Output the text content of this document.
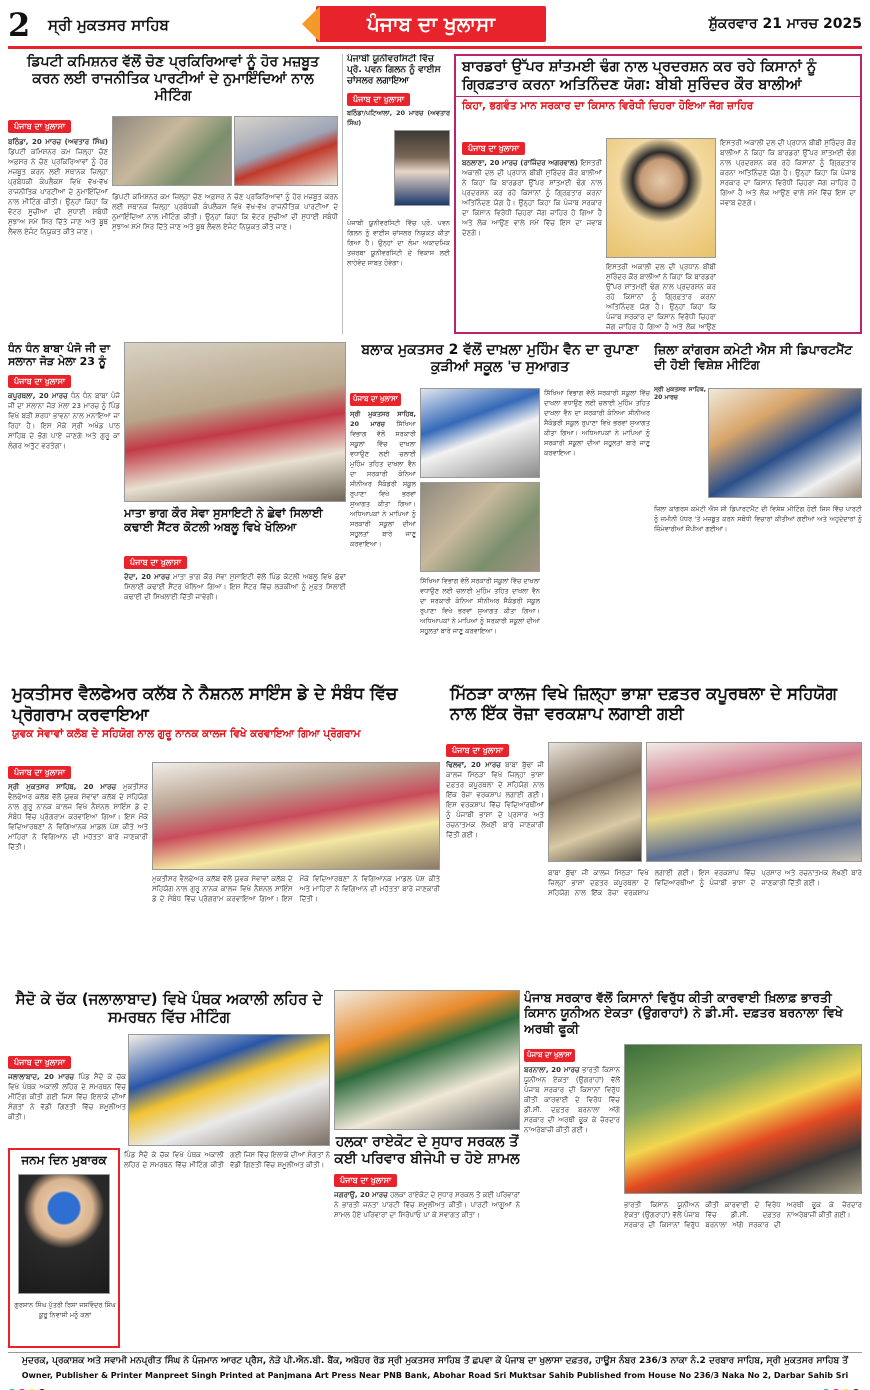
2 ਸ੍ਰੀ ਮੁਕਤਸਰ ਸਾਹਿਬ	ਪੰਜਾਬ ਦਾ ਖੁਲਾਸਾ	ਸ਼ੁੱਕਰਵਾਰ 21 ਮਾਰਚ 2025
ਡਿਪਟੀ ਕਮਿਸ਼ਨਰ ਵੱਲੋਂ ਚੋਣ ਪ੍ਰਕਿਰਿਆਵਾਂ ਨੂੰ ਹੋਰ ਮਜ਼ਬੂਤ ਕਰਨ ਲਈ ਰਾਜਨੀਤਿਕ ਪਾਰਟੀਆਂ ਦੇ ਨੁਮਾਇੰਦਿਆਂ ਨਾਲ ਮੀਟਿੰਗ
ਪੰਜਾਬ ਦਾ ਖੁਲਾਸਾ

ਬਠਿੰਡਾ, 20 ਮਾਰਚ (ਅਵਤਾਰ ਸਿੰਘ) ਡਿਪਟੀ ਕਮਿਸ਼ਨਰ ਕਮ ਜ਼ਿਲ੍ਹਾ ਚੋਣ ਅਫ਼ਸਰ ਨੇ ਚੋਣ ਪ੍ਰਕਿਰਿਆਵਾਂ ਨੂੰ ਹੋਰ ਮਜ਼ਬੂਤ ਕਰਨ ਲਈ ਸਥਾਨਕ ਜ਼ਿਲ੍ਹਾ ਪ੍ਰਬੰਧਕੀ ਕੰਪਲੈਕਸ ਵਿਖੇ ਵੱਖ-ਵੱਖ ਰਾਜਨੀਤਿਕ ਪਾਰਟੀਆਂ ਦੇ ਨੁਮਾਇੰਦਿਆਂ ਨਾਲ ਮੀਟਿੰਗ ਕੀਤੀ। ਉਨ੍ਹਾਂ ਕਿਹਾ ਕਿ ਵੋਟਰ ਸੂਚੀਆਂ ਦੀ ਸੁਧਾਈ ਸਬੰਧੀ ਸੁਝਾਅ ਸਮੇਂ ਸਿਰ ਦਿੱਤੇ ਜਾਣ ਅਤੇ ਬੂਥ ਲੈਵਲ ਏਜੰਟ ਨਿਯੁਕਤ ਕੀਤੇ ਜਾਣ।

ਡਿਪਟੀ ਕਮਿਸ਼ਨਰ ਕਮ ਜ਼ਿਲ੍ਹਾ ਚੋਣ ਅਫ਼ਸਰ ਨੇ ਚੋਣ ਪ੍ਰਕਿਰਿਆਵਾਂ ਨੂੰ ਹੋਰ ਮਜ਼ਬੂਤ ਕਰਨ ਲਈ ਸਥਾਨਕ ਜ਼ਿਲ੍ਹਾ ਪ੍ਰਬੰਧਕੀ ਕੰਪਲੈਕਸ ਵਿਖੇ ਵੱਖ-ਵੱਖ ਰਾਜਨੀਤਿਕ ਪਾਰਟੀਆਂ ਦੇ ਨੁਮਾਇੰਦਿਆਂ ਨਾਲ ਮੀਟਿੰਗ ਕੀਤੀ। ਉਨ੍ਹਾਂ ਕਿਹਾ ਕਿ ਵੋਟਰ ਸੂਚੀਆਂ ਦੀ ਸੁਧਾਈ ਸਬੰਧੀ ਸੁਝਾਅ ਸਮੇਂ ਸਿਰ ਦਿੱਤੇ ਜਾਣ ਅਤੇ ਬੂਥ ਲੈਵਲ ਏਜੰਟ ਨਿਯੁਕਤ ਕੀਤੇ ਜਾਣ।

ਪੰਜਾਬੀ ਯੂਨੀਵਰਸਿਟੀ ਵਿੱਚ ਪ੍ਰੋ. ਪਵਨ ਗਿਲਨ ਨੂੰ ਵਾਈਸ ਚਾਂਸਲਰ ਲਗਾਇਆ
ਪੰਜਾਬ ਦਾ ਖੁਲਾਸਾ

ਬਠਿੰਡਾ/ਪਟਿਆਲਾ, 20 ਮਾਰਚ (ਅਵਤਾਰ ਸਿੰਘ)

ਪੰਜਾਬੀ ਯੂਨੀਵਰਸਿਟੀ ਵਿੱਚ ਪ੍ਰੋ. ਪਵਨ ਗਿਲਨ ਨੂੰ ਵਾਈਸ ਚਾਂਸਲਰ ਨਿਯੁਕਤ ਕੀਤਾ ਗਿਆ ਹੈ। ਉਨ੍ਹਾਂ ਦਾ ਲੰਮਾ ਅਕਾਦਮਿਕ ਤਜ਼ਰਬਾ ਯੂਨੀਵਰਸਿਟੀ ਦੇ ਵਿਕਾਸ ਲਈ ਲਾਹੇਵੰਦ ਸਾਬਤ ਹੋਵੇਗਾ।

ਬਾਰਡਰਾਂ ਉੱਪਰ ਸ਼ਾਂਤਮਈ ਢੰਗ ਨਾਲ ਪ੍ਰਦਰਸ਼ਨ ਕਰ ਰਹੇ ਕਿਸਾਨਾਂ ਨੂੰ ਗ੍ਰਿਫ਼ਤਾਰ ਕਰਨਾ ਅਤਿਨਿੰਦਣ ਯੋਗ: ਬੀਬੀ ਸੁਰਿੰਦਰ ਕੌਰ ਬਾਲੀਆਂ
ਕਿਹਾ, ਭਗਵੰਤ ਮਾਨ ਸਰਕਾਰ ਦਾ ਕਿਸਾਨ ਵਿਰੋਧੀ ਚਿਹਰਾ ਹੋਇਆ ਜੱਗ ਜ਼ਾਹਿਰ
ਪੰਜਾਬ ਦਾ ਖੁਲਾਸਾ

ਬਠਲਾਣਾ, 20 ਮਾਰਚ (ਰਾਜਿੰਦਰ ਅਗਰਵਾਲ) ਇਸਤਰੀ ਅਕਾਲੀ ਦਲ ਦੀ ਪ੍ਰਧਾਨ ਬੀਬੀ ਸੁਰਿੰਦਰ ਕੌਰ ਬਾਲੀਆਂ ਨੇ ਕਿਹਾ ਕਿ ਬਾਰਡਰਾਂ ਉੱਪਰ ਸ਼ਾਂਤਮਈ ਢੰਗ ਨਾਲ ਪ੍ਰਦਰਸ਼ਨ ਕਰ ਰਹੇ ਕਿਸਾਨਾਂ ਨੂੰ ਗ੍ਰਿਫ਼ਤਾਰ ਕਰਨਾ ਅਤਿਨਿੰਦਣ ਯੋਗ ਹੈ। ਉਨ੍ਹਾਂ ਕਿਹਾ ਕਿ ਪੰਜਾਬ ਸਰਕਾਰ ਦਾ ਕਿਸਾਨ ਵਿਰੋਧੀ ਚਿਹਰਾ ਜੱਗ ਜ਼ਾਹਿਰ ਹੋ ਗਿਆ ਹੈ ਅਤੇ ਲੋਕ ਆਉਣ ਵਾਲੇ ਸਮੇਂ ਵਿੱਚ ਇਸ ਦਾ ਜਵਾਬ ਦੇਣਗੇ।

ਇਸਤਰੀ ਅਕਾਲੀ ਦਲ ਦੀ ਪ੍ਰਧਾਨ ਬੀਬੀ ਸੁਰਿੰਦਰ ਕੌਰ ਬਾਲੀਆਂ ਨੇ ਕਿਹਾ ਕਿ ਬਾਰਡਰਾਂ ਉੱਪਰ ਸ਼ਾਂਤਮਈ ਢੰਗ ਨਾਲ ਪ੍ਰਦਰਸ਼ਨ ਕਰ ਰਹੇ ਕਿਸਾਨਾਂ ਨੂੰ ਗ੍ਰਿਫ਼ਤਾਰ ਕਰਨਾ ਅਤਿਨਿੰਦਣ ਯੋਗ ਹੈ। ਉਨ੍ਹਾਂ ਕਿਹਾ ਕਿ ਪੰਜਾਬ ਸਰਕਾਰ ਦਾ ਕਿਸਾਨ ਵਿਰੋਧੀ ਚਿਹਰਾ ਜੱਗ ਜ਼ਾਹਿਰ ਹੋ ਗਿਆ ਹੈ ਅਤੇ ਲੋਕ ਆਉਣ

ਇਸਤਰੀ ਅਕਾਲੀ ਦਲ ਦੀ ਪ੍ਰਧਾਨ ਬੀਬੀ ਸੁਰਿੰਦਰ ਕੌਰ ਬਾਲੀਆਂ ਨੇ ਕਿਹਾ ਕਿ ਬਾਰਡਰਾਂ ਉੱਪਰ ਸ਼ਾਂਤਮਈ ਢੰਗ ਨਾਲ ਪ੍ਰਦਰਸ਼ਨ ਕਰ ਰਹੇ ਕਿਸਾਨਾਂ ਨੂੰ ਗ੍ਰਿਫ਼ਤਾਰ ਕਰਨਾ ਅਤਿਨਿੰਦਣ ਯੋਗ ਹੈ। ਉਨ੍ਹਾਂ ਕਿਹਾ ਕਿ ਪੰਜਾਬ ਸਰਕਾਰ ਦਾ ਕਿਸਾਨ ਵਿਰੋਧੀ ਚਿਹਰਾ ਜੱਗ ਜ਼ਾਹਿਰ ਹੋ ਗਿਆ ਹੈ ਅਤੇ ਲੋਕ ਆਉਣ ਵਾਲੇ ਸਮੇਂ ਵਿੱਚ ਇਸ ਦਾ ਜਵਾਬ ਦੇਣਗੇ।

ਧੰਨ ਧੰਨ ਬਾਬਾ ਪੰਜੋ ਜੀ ਦਾ ਸਲਾਨਾ ਜੋੜ ਮੇਲਾ 23 ਨੂੰ
ਪੰਜਾਬ ਦਾ ਖੁਲਾਸਾ

ਕਪੂਰਥਲਾ, 20 ਮਾਰਚ ਧੰਨ ਧੰਨ ਬਾਬਾ ਪੰਜੋ ਜੀ ਦਾ ਸਲਾਨਾ ਜੋੜ ਮੇਲਾ 23 ਮਾਰਚ ਨੂੰ ਪਿੰਡ ਵਿਖੇ ਬੜੀ ਸ਼ਰਧਾ ਭਾਵਨਾ ਨਾਲ ਮਨਾਇਆ ਜਾ ਰਿਹਾ ਹੈ। ਇਸ ਮੌਕੇ ਸ੍ਰੀ ਅਖੰਡ ਪਾਠ ਸਾਹਿਬ ਦੇ ਭੋਗ ਪਾਏ ਜਾਣਗੇ ਅਤੇ ਗੁਰੂ ਕਾ ਲੰਗਰ ਅਤੁੱਟ ਵਰਤੇਗਾ।

ਮਾਤਾ ਭਾਗ ਕੌਰ ਸੇਵਾ ਸੁਸਾਇਟੀ ਨੇ ਛੇਵਾਂ ਸਿਲਾਈ ਕਢਾਈ ਸੈਂਟਰ ਕੋਟਲੀ ਅਬਲੂ ਵਿਖੇ ਖੋਲਿਆ
ਪੰਜਾਬ ਦਾ ਖੁਲਾਸਾ

ਦੋਦਾ, 20 ਮਾਰਚ ਮਾਤਾ ਭਾਗ ਕੌਰ ਸੇਵਾ ਸੁਸਾਇਟੀ ਵੱਲੋਂ ਪਿੰਡ ਕੋਟਲੀ ਅਬਲੂ ਵਿਖੇ ਛੇਵਾਂ ਸਿਲਾਈ ਕਢਾਈ ਸੈਂਟਰ ਖੋਲਿਆ ਗਿਆ। ਇਸ ਸੈਂਟਰ ਵਿੱਚ ਲੜਕੀਆਂ ਨੂੰ ਮੁਫ਼ਤ ਸਿਲਾਈ ਕਢਾਈ ਦੀ ਸਿਖਲਾਈ ਦਿੱਤੀ ਜਾਵੇਗੀ।

ਬਲਾਕ ਮੁਕਤਸਰ 2 ਵੱਲੋਂ ਦਾਖ਼ਲਾ ਮੁਹਿੰਮ ਵੈਨ ਦਾ ਰੁਪਾਣਾ ਕੁੜੀਆਂ ਸਕੂਲ 'ਚ ਸੁਆਗਤ
ਪੰਜਾਬ ਦਾ ਖੁਲਾਸਾ

ਸ੍ਰੀ ਮੁਕਤਸਰ ਸਾਹਿਬ, 20 ਮਾਰਚ ਸਿੱਖਿਆ ਵਿਭਾਗ ਵੱਲੋਂ ਸਰਕਾਰੀ ਸਕੂਲਾਂ ਵਿੱਚ ਦਾਖ਼ਲਾ ਵਧਾਉਣ ਲਈ ਚਲਾਈ ਮੁਹਿੰਮ ਤਹਿਤ ਦਾਖ਼ਲਾ ਵੈਨ ਦਾ ਸਰਕਾਰੀ ਕੰਨਿਆ ਸੀਨੀਅਰ ਸੈਕੰਡਰੀ ਸਕੂਲ ਰੁਪਾਣਾ ਵਿਖੇ ਭਰਵਾਂ ਸੁਆਗਤ ਕੀਤਾ ਗਿਆ। ਅਧਿਆਪਕਾਂ ਨੇ ਮਾਪਿਆਂ ਨੂੰ ਸਰਕਾਰੀ ਸਕੂਲਾਂ ਦੀਆਂ ਸਹੂਲਤਾਂ ਬਾਰੇ ਜਾਣੂ ਕਰਵਾਇਆ।

ਸਿੱਖਿਆ ਵਿਭਾਗ ਵੱਲੋਂ ਸਰਕਾਰੀ ਸਕੂਲਾਂ ਵਿੱਚ ਦਾਖ਼ਲਾ ਵਧਾਉਣ ਲਈ ਚਲਾਈ ਮੁਹਿੰਮ ਤਹਿਤ ਦਾਖ਼ਲਾ ਵੈਨ ਦਾ ਸਰਕਾਰੀ ਕੰਨਿਆ ਸੀਨੀਅਰ ਸੈਕੰਡਰੀ ਸਕੂਲ ਰੁਪਾਣਾ ਵਿਖੇ ਭਰਵਾਂ ਸੁਆਗਤ ਕੀਤਾ ਗਿਆ। ਅਧਿਆਪਕਾਂ ਨੇ ਮਾਪਿਆਂ ਨੂੰ ਸਰਕਾਰੀ ਸਕੂਲਾਂ ਦੀਆਂ ਸਹੂਲਤਾਂ ਬਾਰੇ ਜਾਣੂ ਕਰਵਾਇਆ।

ਸਿੱਖਿਆ ਵਿਭਾਗ ਵੱਲੋਂ ਸਰਕਾਰੀ ਸਕੂਲਾਂ ਵਿੱਚ ਦਾਖ਼ਲਾ ਵਧਾਉਣ ਲਈ ਚਲਾਈ ਮੁਹਿੰਮ ਤਹਿਤ ਦਾਖ਼ਲਾ ਵੈਨ ਦਾ ਸਰਕਾਰੀ ਕੰਨਿਆ ਸੀਨੀਅਰ ਸੈਕੰਡਰੀ ਸਕੂਲ ਰੁਪਾਣਾ ਵਿਖੇ ਭਰਵਾਂ ਸੁਆਗਤ ਕੀਤਾ ਗਿਆ। ਅਧਿਆਪਕਾਂ ਨੇ ਮਾਪਿਆਂ ਨੂੰ ਸਰਕਾਰੀ ਸਕੂਲਾਂ ਦੀਆਂ ਸਹੂਲਤਾਂ ਬਾਰੇ ਜਾਣੂ ਕਰਵਾਇਆ।

ਜ਼ਿਲਾ ਕਾਂਗਰਸ ਕਮੇਟੀ ਐਸ ਸੀ ਡਿਪਾਰਟਮੈਂਟ ਦੀ ਹੋਈ ਵਿਸ਼ੇਸ਼ ਮੀਟਿੰਗ

ਸ੍ਰੀ ਮੁਕਤਸਰ ਸਾਹਿਬ, 20 ਮਾਰਚ

ਜ਼ਿਲਾ ਕਾਂਗਰਸ ਕਮੇਟੀ ਐਸ ਸੀ ਡਿਪਾਰਟਮੈਂਟ ਦੀ ਵਿਸ਼ੇਸ਼ ਮੀਟਿੰਗ ਹੋਈ ਜਿਸ ਵਿੱਚ ਪਾਰਟੀ ਨੂੰ ਜ਼ਮੀਨੀ ਪੱਧਰ 'ਤੇ ਮਜ਼ਬੂਤ ਕਰਨ ਸਬੰਧੀ ਵਿਚਾਰਾਂ ਕੀਤੀਆਂ ਗਈਆਂ ਅਤੇ ਅਹੁਦੇਦਾਰਾਂ ਨੂੰ ਜ਼ਿੰਮੇਵਾਰੀਆਂ ਸੌਂਪੀਆਂ ਗਈਆਂ।

ਮੁਕਤੀਸਰ ਵੈਲਫੇਅਰ ਕਲੱਬ ਨੇ ਨੈਸ਼ਨਲ ਸਾਇੰਸ ਡੇ ਦੇ ਸੰਬੰਧ ਵਿੱਚ ਪ੍ਰੋਗਰਾਮ ਕਰਵਾਇਆ
ਯੁਵਕ ਸੇਵਾਵਾਂ ਕਲੱਬ ਦੇ ਸਹਿਯੋਗ ਨਾਲ ਗੁਰੂ ਨਾਨਕ ਕਾਲਜ ਵਿਖੇ ਕਰਵਾਇਆ ਗਿਆ ਪ੍ਰੋਗਰਾਮ
ਪੰਜਾਬ ਦਾ ਖੁਲਾਸਾ

ਸ੍ਰੀ ਮੁਕਤਸਰ ਸਾਹਿਬ, 20 ਮਾਰਚ ਮੁਕਤੀਸਰ ਵੈਲਫੇਅਰ ਕਲੱਬ ਵੱਲੋਂ ਯੁਵਕ ਸੇਵਾਵਾਂ ਕਲੱਬ ਦੇ ਸਹਿਯੋਗ ਨਾਲ ਗੁਰੂ ਨਾਨਕ ਕਾਲਜ ਵਿਖੇ ਨੈਸ਼ਨਲ ਸਾਇੰਸ ਡੇ ਦੇ ਸੰਬੰਧ ਵਿੱਚ ਪ੍ਰੋਗਰਾਮ ਕਰਵਾਇਆ ਗਿਆ। ਇਸ ਮੌਕੇ ਵਿਦਿਆਰਥਣਾਂ ਨੇ ਵਿਗਿਆਨਕ ਮਾਡਲ ਪੇਸ਼ ਕੀਤੇ ਅਤੇ ਮਾਹਿਰਾਂ ਨੇ ਵਿਗਿਆਨ ਦੀ ਮਹੱਤਤਾ ਬਾਰੇ ਜਾਣਕਾਰੀ ਦਿੱਤੀ।

ਮੁਕਤੀਸਰ ਵੈਲਫੇਅਰ ਕਲੱਬ ਵੱਲੋਂ ਯੁਵਕ ਸੇਵਾਵਾਂ ਕਲੱਬ ਦੇ ਸਹਿਯੋਗ ਨਾਲ ਗੁਰੂ ਨਾਨਕ ਕਾਲਜ ਵਿਖੇ ਨੈਸ਼ਨਲ ਸਾਇੰਸ ਡੇ ਦੇ ਸੰਬੰਧ ਵਿੱਚ ਪ੍ਰੋਗਰਾਮ ਕਰਵਾਇਆ ਗਿਆ। ਇਸ ਮੌਕੇ ਵਿਦਿਆਰਥਣਾਂ ਨੇ ਵਿਗਿਆਨਕ ਮਾਡਲ ਪੇਸ਼ ਕੀਤੇ ਅਤੇ ਮਾਹਿਰਾਂ ਨੇ ਵਿਗਿਆਨ ਦੀ ਮਹੱਤਤਾ ਬਾਰੇ ਜਾਣਕਾਰੀ ਦਿੱਤੀ।

ਮਿੱਠੜਾ ਕਾਲਜ ਵਿਖੇ ਜ਼ਿਲ੍ਹਾ ਭਾਸ਼ਾ ਦਫ਼ਤਰ ਕਪੂਰਥਲਾ ਦੇ ਸਹਿਯੋਗ ਨਾਲ ਇੱਕ ਰੋਜ਼ਾ ਵਰਕਸ਼ਾਪ ਲਗਾਈ ਗਈ
ਪੰਜਾਬ ਦਾ ਖੁਲਾਸਾ

ਢਿਲਵਾਂ, 20 ਮਾਰਚ ਬਾਬਾ ਬੁੱਢਾ ਜੀ ਕਾਲਜ ਮਿੱਠੜਾ ਵਿਖੇ ਜ਼ਿਲ੍ਹਾ ਭਾਸ਼ਾ ਦਫ਼ਤਰ ਕਪੂਰਥਲਾ ਦੇ ਸਹਿਯੋਗ ਨਾਲ ਇੱਕ ਰੋਜ਼ਾ ਵਰਕਸ਼ਾਪ ਲਗਾਈ ਗਈ। ਇਸ ਵਰਕਸ਼ਾਪ ਵਿੱਚ ਵਿਦਿਆਰਥੀਆਂ ਨੂੰ ਪੰਜਾਬੀ ਭਾਸ਼ਾ ਦੇ ਪ੍ਰਸਾਰ ਅਤੇ ਰਚਨਾਤਮਕ ਲੇਖਣੀ ਬਾਰੇ ਜਾਣਕਾਰੀ ਦਿੱਤੀ ਗਈ।

ਬਾਬਾ ਬੁੱਢਾ ਜੀ ਕਾਲਜ ਮਿੱਠੜਾ ਵਿਖੇ ਜ਼ਿਲ੍ਹਾ ਭਾਸ਼ਾ ਦਫ਼ਤਰ ਕਪੂਰਥਲਾ ਦੇ ਸਹਿਯੋਗ ਨਾਲ ਇੱਕ ਰੋਜ਼ਾ ਵਰਕਸ਼ਾਪ ਲਗਾਈ ਗਈ। ਇਸ ਵਰਕਸ਼ਾਪ ਵਿੱਚ ਵਿਦਿਆਰਥੀਆਂ ਨੂੰ ਪੰਜਾਬੀ ਭਾਸ਼ਾ ਦੇ ਪ੍ਰਸਾਰ ਅਤੇ ਰਚਨਾਤਮਕ ਲੇਖਣੀ ਬਾਰੇ ਜਾਣਕਾਰੀ ਦਿੱਤੀ ਗਈ।

ਸੈਦੋ ਕੇ ਚੱਕ (ਜਲਾਲਾਬਾਦ) ਵਿਖੇ ਪੰਥਕ ਅਕਾਲੀ ਲਹਿਰ ਦੇ ਸਮਰਥਨ ਵਿੱਚ ਮੀਟਿੰਗ
ਪੰਜਾਬ ਦਾ ਖੁਲਾਸਾ

ਜਲਾਲਾਬਾਦ, 20 ਮਾਰਚ ਪਿੰਡ ਸੈਦੋ ਕੇ ਚੱਕ ਵਿਖੇ ਪੰਥਕ ਅਕਾਲੀ ਲਹਿਰ ਦੇ ਸਮਰਥਨ ਵਿੱਚ ਮੀਟਿੰਗ ਕੀਤੀ ਗਈ ਜਿਸ ਵਿੱਚ ਇਲਾਕੇ ਦੀਆਂ ਸੰਗਤਾਂ ਨੇ ਵੱਡੀ ਗਿਣਤੀ ਵਿੱਚ ਸ਼ਮੂਲੀਅਤ ਕੀਤੀ।

ਜਨਮ ਦਿਨ ਮੁਬਾਰਕ

ਗੁਰਸ਼ਾਨ ਸਿੰਘ ਪੁੱਤਰੀ ਰਿਸ਼ਾ ਜਸਵਿੰਦਰ ਸਿੰਘ ਕੂਰੂ ਨਿਵਾਸੀ ਮਨੂੰ ਕਲਾਂ

ਪਿੰਡ ਸੈਦੋ ਕੇ ਚੱਕ ਵਿਖੇ ਪੰਥਕ ਅਕਾਲੀ ਲਹਿਰ ਦੇ ਸਮਰਥਨ ਵਿੱਚ ਮੀਟਿੰਗ ਕੀਤੀ ਗਈ ਜਿਸ ਵਿੱਚ ਇਲਾਕੇ ਦੀਆਂ ਸੰਗਤਾਂ ਨੇ ਵੱਡੀ ਗਿਣਤੀ ਵਿੱਚ ਸ਼ਮੂਲੀਅਤ ਕੀਤੀ।

ਹਲਕਾ ਰਾਏਕੋਟ ਦੇ ਸੁਧਾਰ ਸਰਕਲ ਤੋਂ ਕਈ ਪਰਿਵਾਰ ਬੀਜੇਪੀ ਚ ਹੋਏ ਸ਼ਾਮਲ
ਪੰਜਾਬ ਦਾ ਖੁਲਾਸਾ

ਜਗਰਾਉਂ, 20 ਮਾਰਚ ਹਲਕਾ ਰਾਏਕੋਟ ਦੇ ਸੁਧਾਰ ਸਰਕਲ ਤੋਂ ਕਈ ਪਰਿਵਾਰਾਂ ਨੇ ਭਾਰਤੀ ਜਨਤਾ ਪਾਰਟੀ ਵਿੱਚ ਸ਼ਮੂਲੀਅਤ ਕੀਤੀ। ਪਾਰਟੀ ਆਗੂਆਂ ਨੇ ਸ਼ਾਮਲ ਹੋਏ ਪਰਿਵਾਰਾਂ ਦਾ ਸਿਰੋਪਾਓ ਪਾ ਕੇ ਸਵਾਗਤ ਕੀਤਾ।

ਪੰਜਾਬ ਸਰਕਾਰ ਵੱਲੋਂ ਕਿਸਾਨਾਂ ਵਿਰੁੱਧ ਕੀਤੀ ਕਾਰਵਾਈ ਖ਼ਿਲਾਫ਼ ਭਾਰਤੀ ਕਿਸਾਨ ਯੂਨੀਅਨ ਏਕਤਾ (ਉਗਰਾਹਾਂ) ਨੇ ਡੀ.ਸੀ. ਦਫ਼ਤਰ ਬਰਨਾਲਾ ਵਿਖੇ ਅਰਥੀ ਫੂਕੀ
ਪੰਜਾਬ ਦਾ ਖੁਲਾਸਾ

ਬਰਨਾਲਾ, 20 ਮਾਰਚ ਭਾਰਤੀ ਕਿਸਾਨ ਯੂਨੀਅਨ ਏਕਤਾ (ਉਗਰਾਹਾਂ) ਵੱਲੋਂ ਪੰਜਾਬ ਸਰਕਾਰ ਦੀ ਕਿਸਾਨਾਂ ਵਿਰੁੱਧ ਕੀਤੀ ਕਾਰਵਾਈ ਦੇ ਵਿਰੋਧ ਵਿੱਚ ਡੀ.ਸੀ. ਦਫ਼ਤਰ ਬਰਨਾਲਾ ਅੱਗੇ ਸਰਕਾਰ ਦੀ ਅਰਥੀ ਫੂਕ ਕੇ ਜ਼ੋਰਦਾਰ ਨਾਅਰੇਬਾਜ਼ੀ ਕੀਤੀ ਗਈ।

ਭਾਰਤੀ ਕਿਸਾਨ ਯੂਨੀਅਨ ਏਕਤਾ (ਉਗਰਾਹਾਂ) ਵੱਲੋਂ ਪੰਜਾਬ ਸਰਕਾਰ ਦੀ ਕਿਸਾਨਾਂ ਵਿਰੁੱਧ ਕੀਤੀ ਕਾਰਵਾਈ ਦੇ ਵਿਰੋਧ ਵਿੱਚ ਡੀ.ਸੀ. ਦਫ਼ਤਰ ਬਰਨਾਲਾ ਅੱਗੇ ਸਰਕਾਰ ਦੀ ਅਰਥੀ ਫੂਕ ਕੇ ਜ਼ੋਰਦਾਰ ਨਾਅਰੇਬਾਜ਼ੀ ਕੀਤੀ ਗਈ।

ਮੁਦਰਕ, ਪ੍ਰਕਾਸ਼ਕ ਅਤੇ ਸਵਾਮੀ ਮਨਪ੍ਰੀਤ ਸਿੰਘ ਨੇ ਪੰਜਮਾਨ ਆਰਟ ਪ੍ਰੈਸ, ਨੇੜੇ ਪੀ.ਐਨ.ਬੀ. ਬੈਂਕ, ਅਬੋਹਰ ਰੋਡ ਸ੍ਰੀ ਮੁਕਤਸਰ ਸਾਹਿਬ ਤੋਂ ਛਪਵਾ ਕੇ ਪੰਜਾਬ ਦਾ ਖੁਲਾਸਾ ਦਫ਼ਤਰ, ਹਾਊਸ ਨੰਬਰ 236/3 ਨਾਕਾ ਨੰ.2 ਦਰਬਾਰ ਸਾਹਿਬ, ਸ੍ਰੀ ਮੁਕਤਸਰ ਸਾਹਿਬ ਤੋਂ
Owner, Publisher & Printer Manpreet Singh Printed at Panjmana Art Press Near PNB Bank, Abohar Road Sri Muktsar Sahib Published from House No 236/3 Naka No 2, Darbar Sahib Sri
